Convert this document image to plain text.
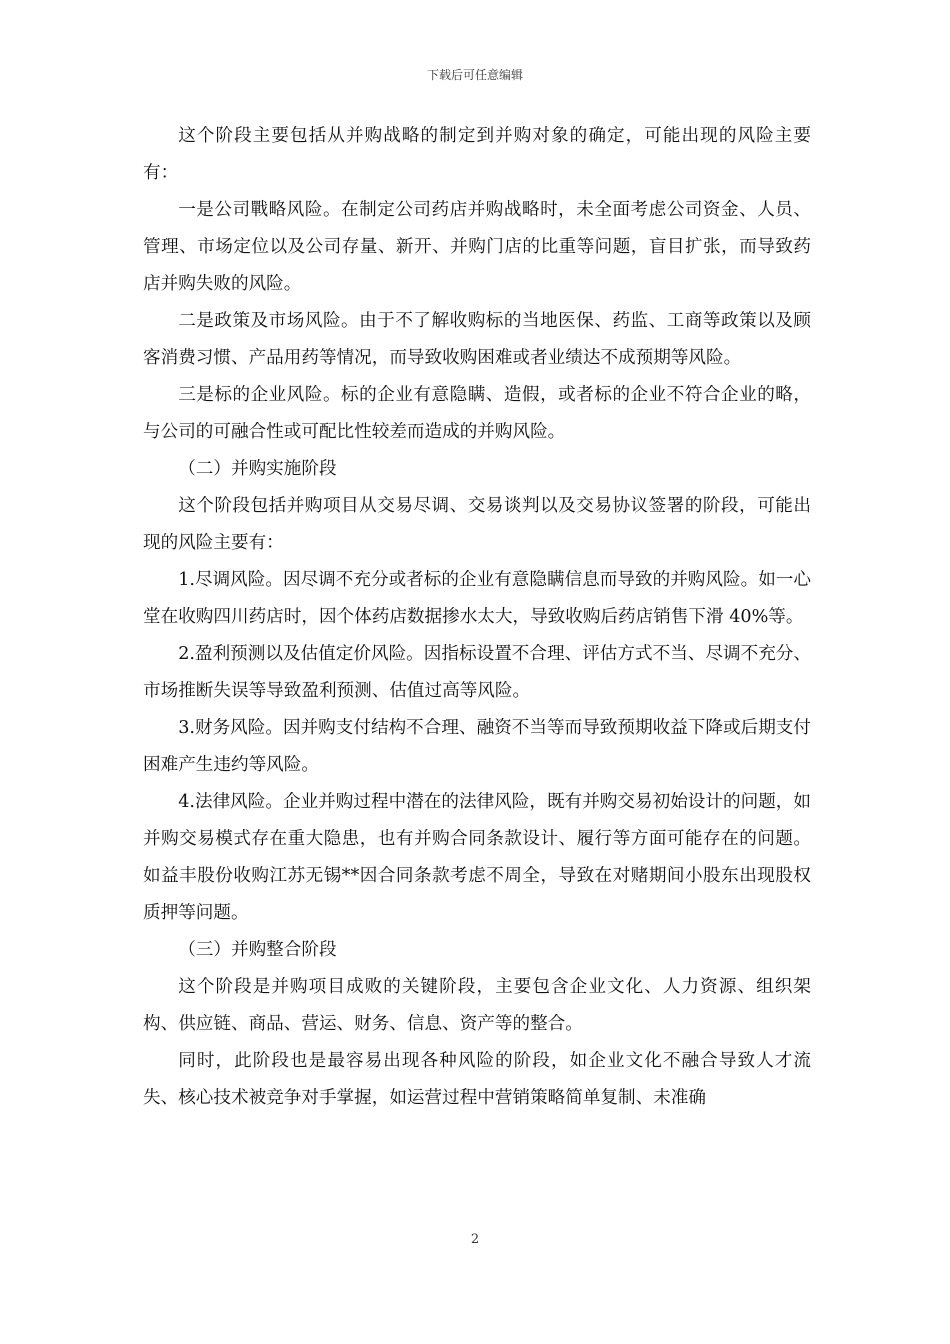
下载后可任意编辑

这个阶段主要包括从并购战略的制定到并购对象的确定，可能出现的风险主要有：

一是公司戰略风险。在制定公司药店并购战略时，未全面考虑公司资金、人员、管理、市场定位以及公司存量、新开、并购门店的比重等问题，盲目扩张，而导致药店并购失败的风险。

二是政策及市场风险。由于不了解收购标的当地医保、药监、工商等政策以及顾客消费习惯、产品用药等情况，而导致收购困难或者业绩达不成预期等风险。

三是标的企业风险。标的企业有意隐瞒、造假，或者标的企业不符合企业的略，与公司的可融合性或可配比性较差而造成的并购风险。

（二）并购实施阶段

这个阶段包括并购项目从交易尽调、交易谈判以及交易协议签署的阶段，可能出现的风险主要有：

1.尽调风险。因尽调不充分或者标的企业有意隐瞒信息而导致的并购风险。如一心堂在收购四川药店时，因个体药店数据掺水太大，导致收购后药店销售下滑 40%等。

2.盈利预测以及估值定价风险。因指标设置不合理、评估方式不当、尽调不充分、市场推断失误等导致盈利预测、估值过高等风险。

3.财务风险。因并购支付结构不合理、融资不当等而导致预期收益下降或后期支付困难产生违约等风险。

4.法律风险。企业并购过程中潜在的法律风险，既有并购交易初始设计的问题，如并购交易模式存在重大隐患，也有并购合同条款设计、履行等方面可能存在的问题。如益丰股份收购江苏无锡**因合同条款考虑不周全，导致在对赌期间小股东出现股权质押等问题。

（三）并购整合阶段

这个阶段是并购项目成败的关键阶段，主要包含企业文化、人力资源、组织架构、供应链、商品、营运、财务、信息、资产等的整合。

同时，此阶段也是最容易出现各种风险的阶段，如企业文化不融合导致人才流失、核心技术被竞争对手掌握，如运营过程中营销策略简单复制、未准确

2
